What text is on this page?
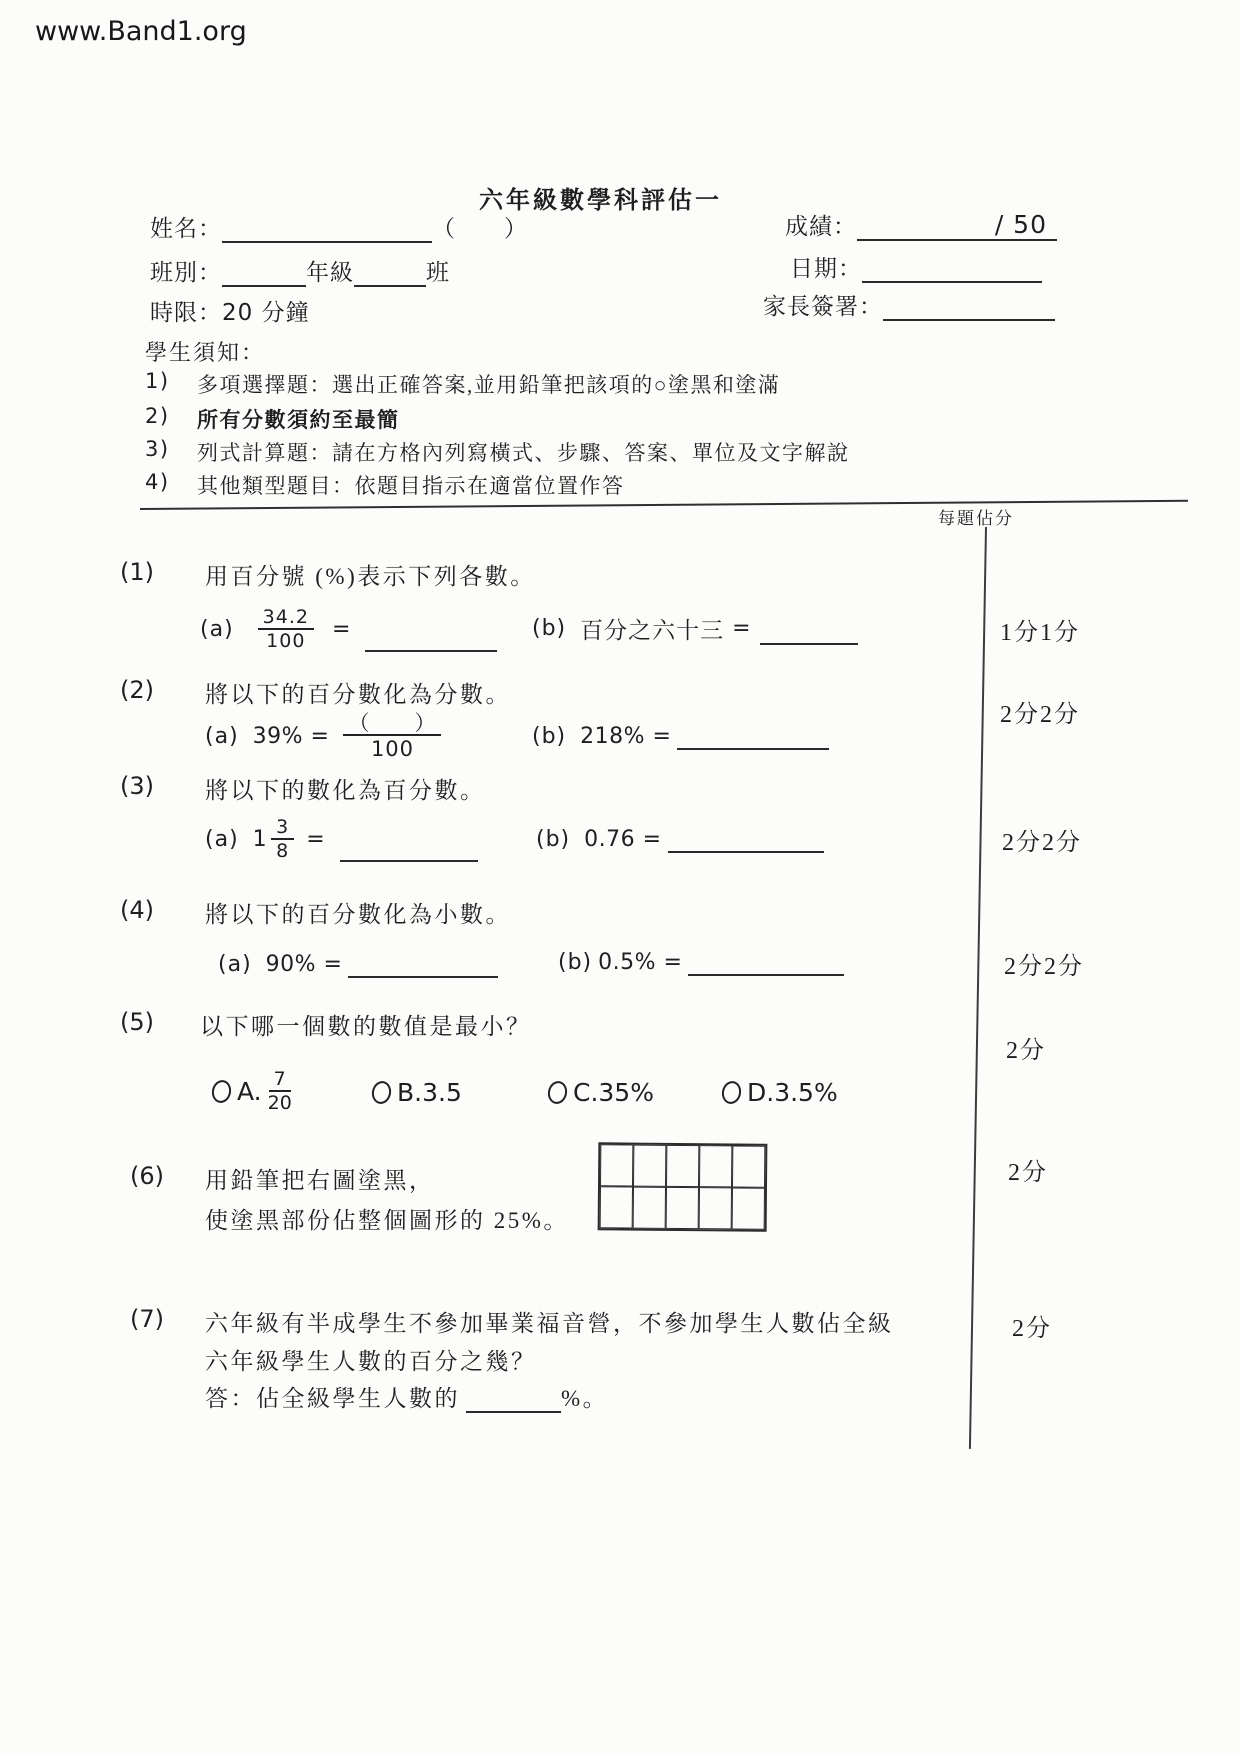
www.Band1.org
六年級數學科評估一
姓名：	（　　）
班別：	年級	班
時限： 20 分鐘
成績：	/ 50
日期：
家長簽署：
學生須知：
1)	多項選擇題：選出正確答案,並用鉛筆把該項的○塗黑和塗滿
2)	所有分數須約至最簡
3)	列式計算題：請在方格內列寫橫式、步驟、答案、單位及文字解說
4)	其他類型題目：依題目指示在適當位置作答
每題佔分
1分1分
2分2分
2分2分
2分2分
2分
2分
2分
(1) 用百分號 (%)表示下列各數。
$(a) \frac{34.2}{100}$ =	(b) 百分之六十三 =
(2) 將以下的百分數化為分數。
(a) $39\% = \frac{( )}{100}$	(b) 218% =
(3) 將以下的數化為百分數。
(a) $1 \frac{3}{8}$ =	(b) 0.76 =
(4) 將以下的百分數化為小數。
(a) 90% =	(b) 0.5% =
(5) 以下哪一個數的數值是最小？
A. $\frac{7}{20}$	B. 3.5	C. 35%	D. 3.5%
(6) 用鉛筆把右圖塗黑，
使塗黑部份佔整個圖形的 25%。
(7) 六年級有半成學生不參加畢業福音營，不參加學生人數佔全級
六年級學生人數的百分之幾？
答：佔全級學生人數的	%。
